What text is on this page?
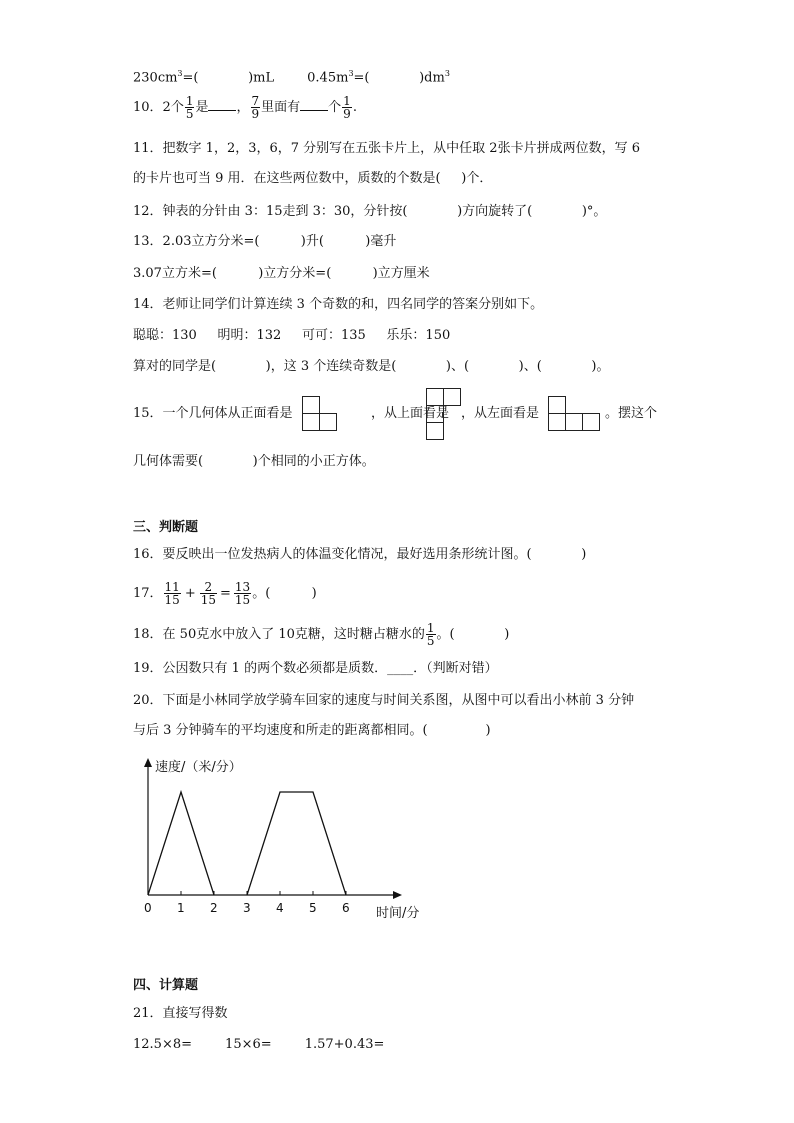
$230cm^3=$(            )mL        $0.45m^3=$(            )$dm^3$
10．2个 $\frac{1}{5}$ 是 ， $\frac{7}{9}$ 里面有 个 $\frac{1}{9}$ .
11．把数字 1，2，3，6，7 分别写在五张卡片上，从中任取 2张卡片拼成两位数，写 6
的卡片也可当 9 用．在这些两位数中，质数的个数是(     )个．
12．钟表的分针由 3：15走到 3：30，分针按(            )方向旋转了(            )°。
13．2.03立方分米=(          )升(          )毫升
3.07立方米=(          )立方分米=(          )立方厘米
14．老师让同学们计算连续 3 个奇数的和，四名同学的答案分别如下。
聪聪：130     明明：132     可可：135     乐乐：150
算对的同学是(            )，这 3 个连续奇数是(            )、(            )、(            )。
15．一个几何体从正面看是	，从上面看是 ，从左面看是	。摆这个
几何体需要(            )个相同的小正方体。
三、判断题
16．要反映出一位发热病人的体温变化情况，最好选用条形统计图。(            )
17． $\frac{11}{15} + \frac{2}{15} = \frac{13}{15}$ 。(          )
18．在 50克水中放入了 10克糖，这时糖占糖水的 $\frac{1}{5}$ 。(            )
19．公因数只有 1 的两个数必须都是质数．____．（判断对错）
20．下面是小林同学放学骑车回家的速度与时间关系图，从图中可以看出小林前 3 分钟
与后 3 分钟骑车的平均速度和所走的距离都相同。(              )
速度/（米/分）
时间/分
0 1 2 3 4 5 6
四、计算题
21．直接写得数
12.5×8=        15×6=        1.57+0.43=
